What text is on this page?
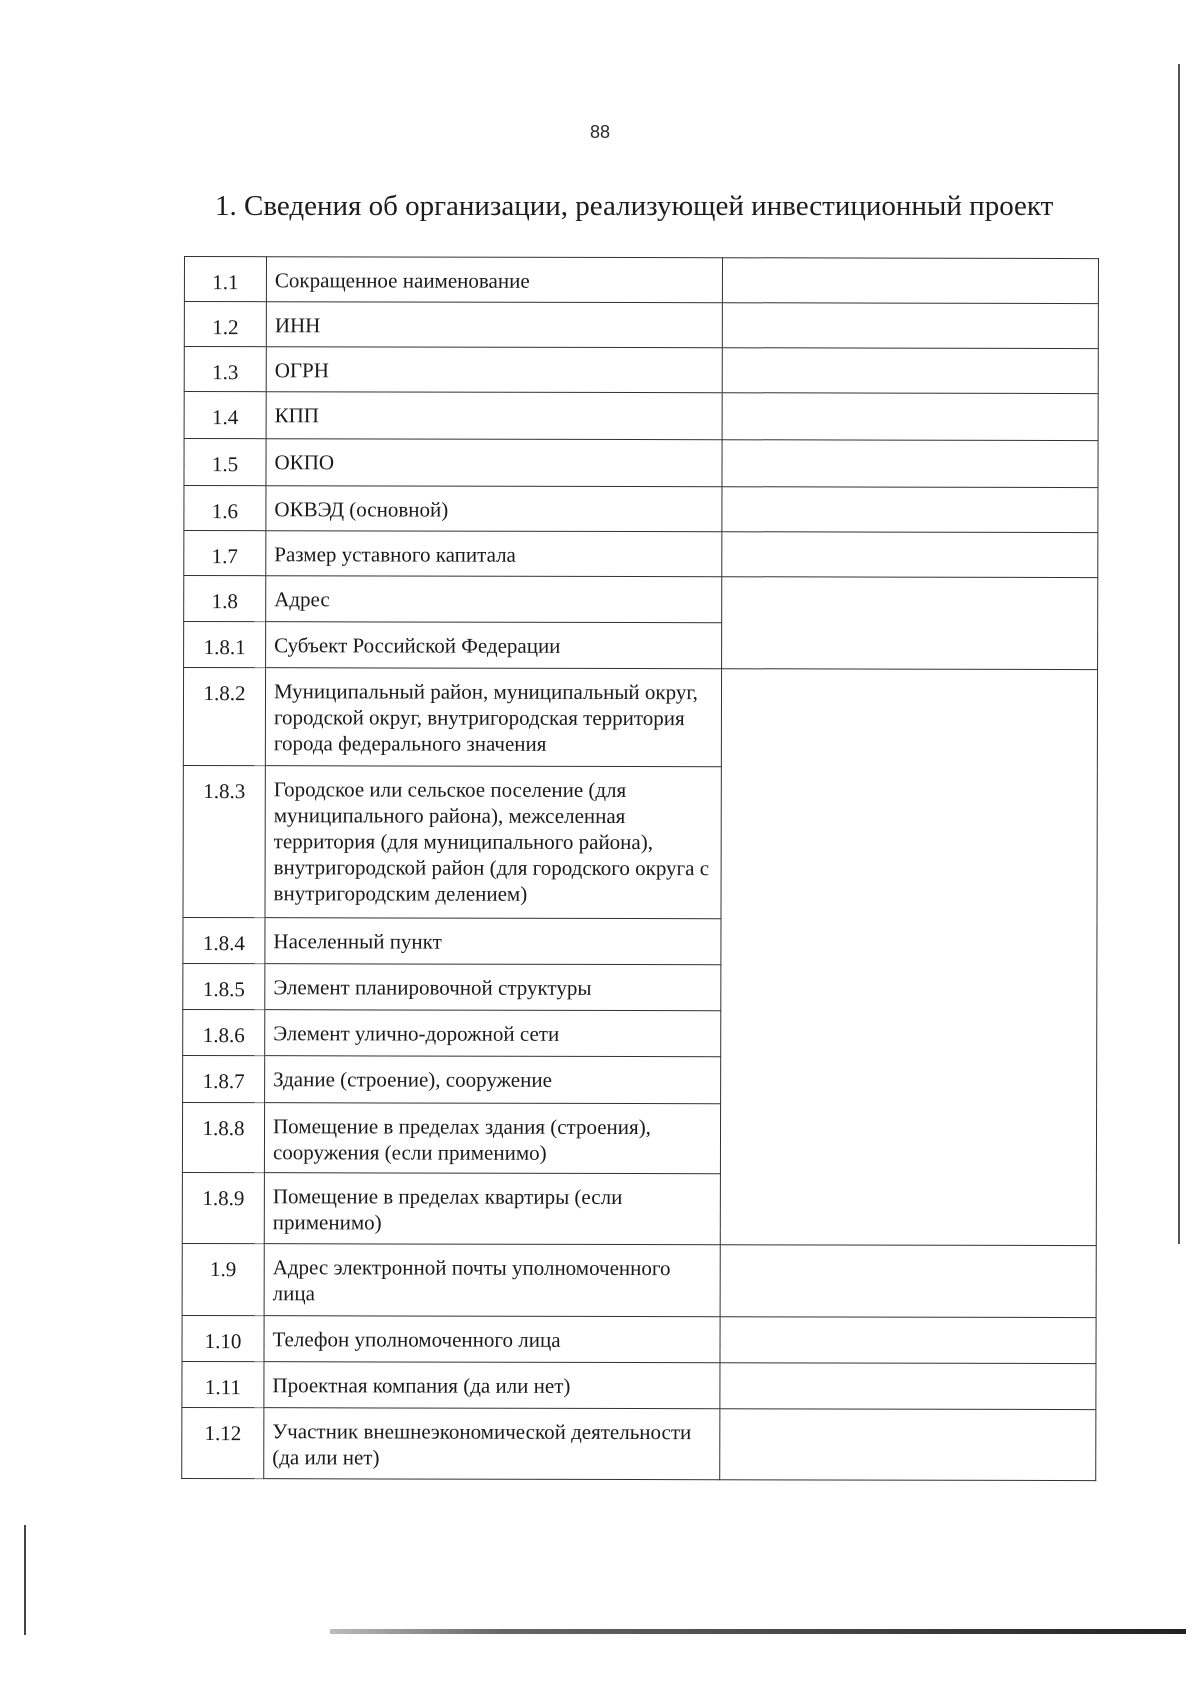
88
1. Сведения об организации, реализующей инвестиционный проект
1.1	Сокращенное наименование	
1.2	ИНН	
1.3	ОГРН	
1.4	КПП	
1.5	ОКПО	
1.6	ОКВЭД (основной)	
1.7	Размер уставного капитала	
1.8	Адрес	
1.8.1	Субъект Российской Федерации	
1.8.2	Муниципальный район, муниципальный округ, городской округ, внутригородская территория города федерального значения	
1.8.3	Городское или сельское поселение (для муниципального района), межселенная территория (для муниципального района), внутригородской район (для городского округа с внутригородским делением)	
1.8.4	Населенный пункт	
1.8.5	Элемент планировочной структуры	
1.8.6	Элемент улично-дорожной сети	
1.8.7	Здание (строение), сооружение	
1.8.8	Помещение в пределах здания (строения), сооружения (если применимо)	
1.8.9	Помещение в пределах квартиры (если применимо)	
1.9	Адрес электронной почты уполномоченного лица	
1.10	Телефон уполномоченного лица	
1.11	Проектная компания (да или нет)	
1.12	Участник внешнеэкономической деятельности (да или нет)	
